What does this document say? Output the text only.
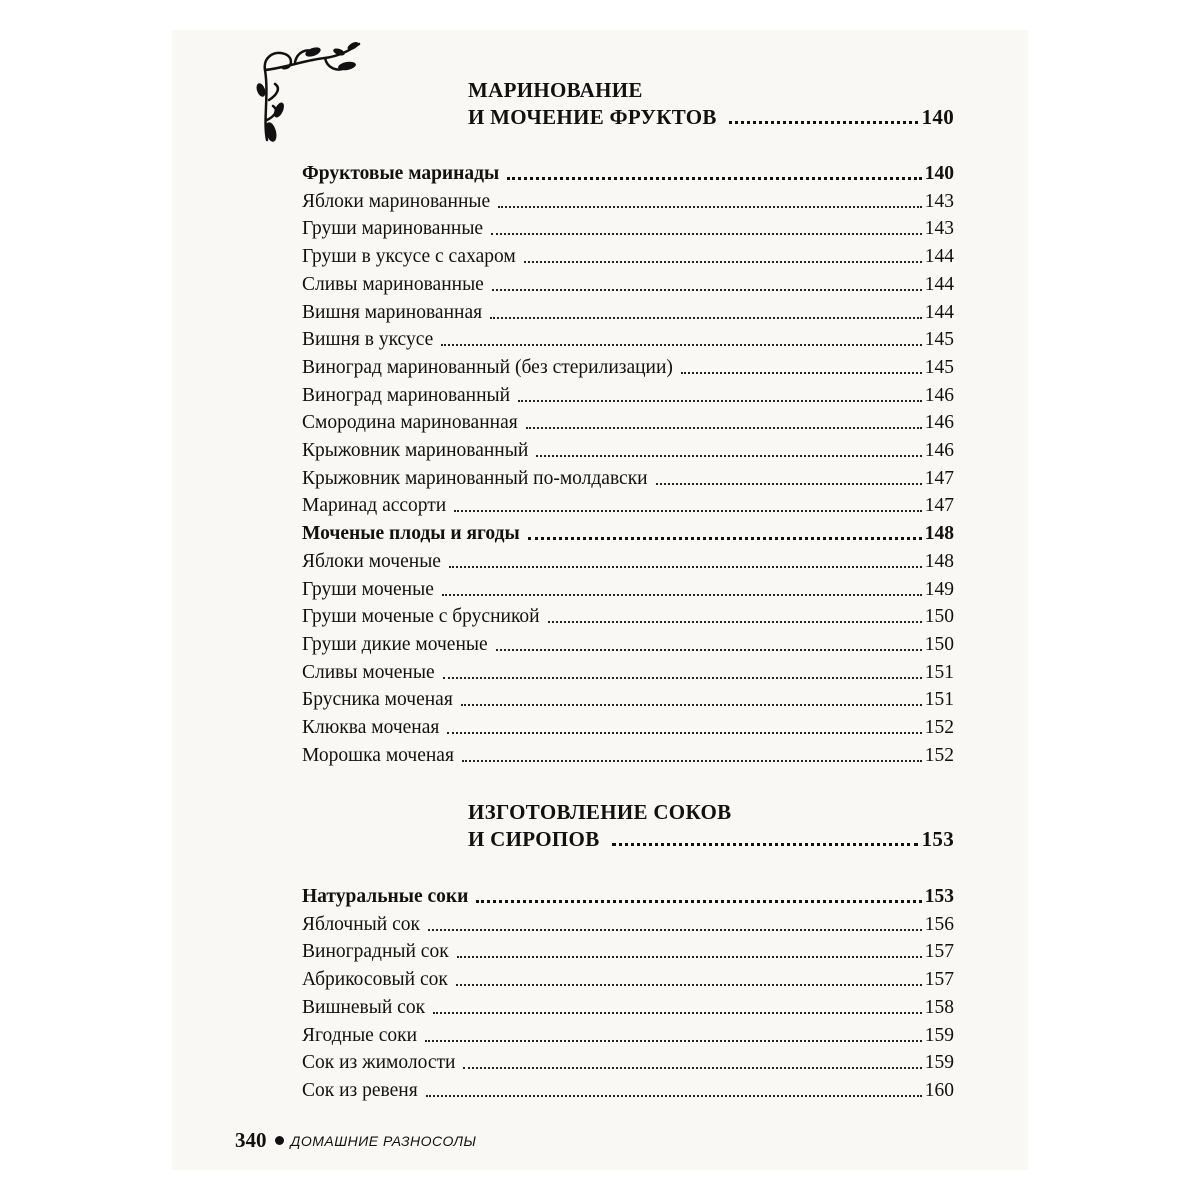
МАРИНОВАНИЕ
И МОЧЕНИЕ ФРУКТОВ	140
Фруктовые маринады	140
Яблоки маринованные	143
Груши маринованные	143
Груши в уксусе с сахаром	144
Сливы маринованные	144
Вишня маринованная	144
Вишня в уксусе	145
Виноград маринованный (без стерилизации)	145
Виноград маринованный	146
Смородина маринованная	146
Крыжовник маринованный	146
Крыжовник маринованный по-молдавски	147
Маринад ассорти	147
Моченые плоды и ягоды	148
Яблоки моченые	148
Груши моченые	149
Груши моченые с брусникой	150
Груши дикие моченые	150
Сливы моченые	151
Брусника моченая	151
Клюква моченая	152
Морошка моченая	152
ИЗГОТОВЛЕНИЕ СОКОВ
И СИРОПОВ	153
Натуральные соки	153
Яблочный сок	156
Виноградный сок	157
Абрикосовый сок	157
Вишневый сок	158
Ягодные соки	159
Сок из жимолости	159
Сок из ревеня	160
340 ДОМАШНИЕ РАЗНОСОЛЫ
